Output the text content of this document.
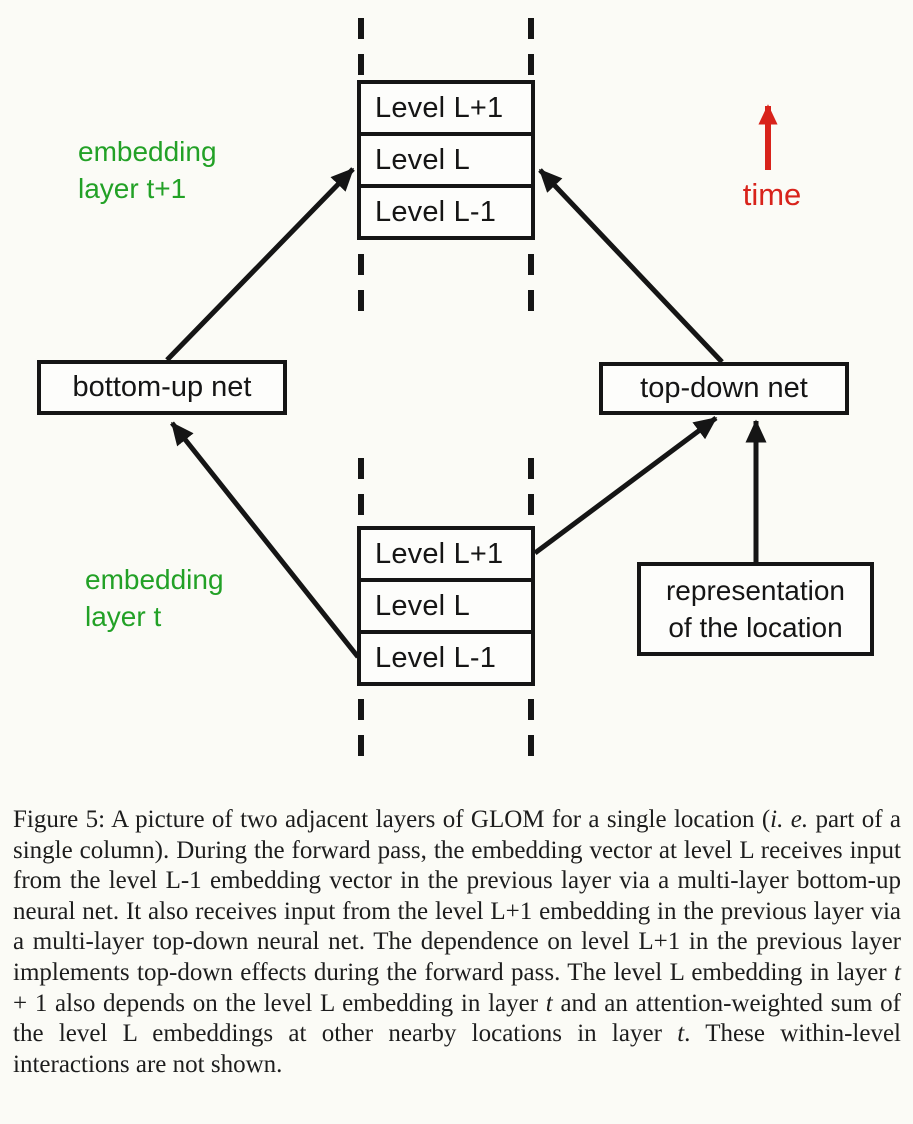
Level L+1
Level L
Level L-1
Level L+1
Level L
Level L-1
bottom-up net	top-down net
representation
of the location
embedding
layer t+1
embedding
layer t
time

Figure 5: A picture of two adjacent layers of GLOM for a single location (i. e. part of a single column). During the forward pass, the embedding vector at level L receives input from the level L-1 embedding vector in the previous layer via a multi-layer bottom-up neural net. It also receives input from the level L+1 embedding in the previous layer via a multi-layer top-down neural net. The dependence on level L+1 in the previous layer implements top-down effects during the forward pass. The level L embedding in layer t + 1 also depends on the level L embedding in layer t and an attention-weighted sum of the level L embeddings at other nearby locations in layer t. These within-level interactions are not shown.
